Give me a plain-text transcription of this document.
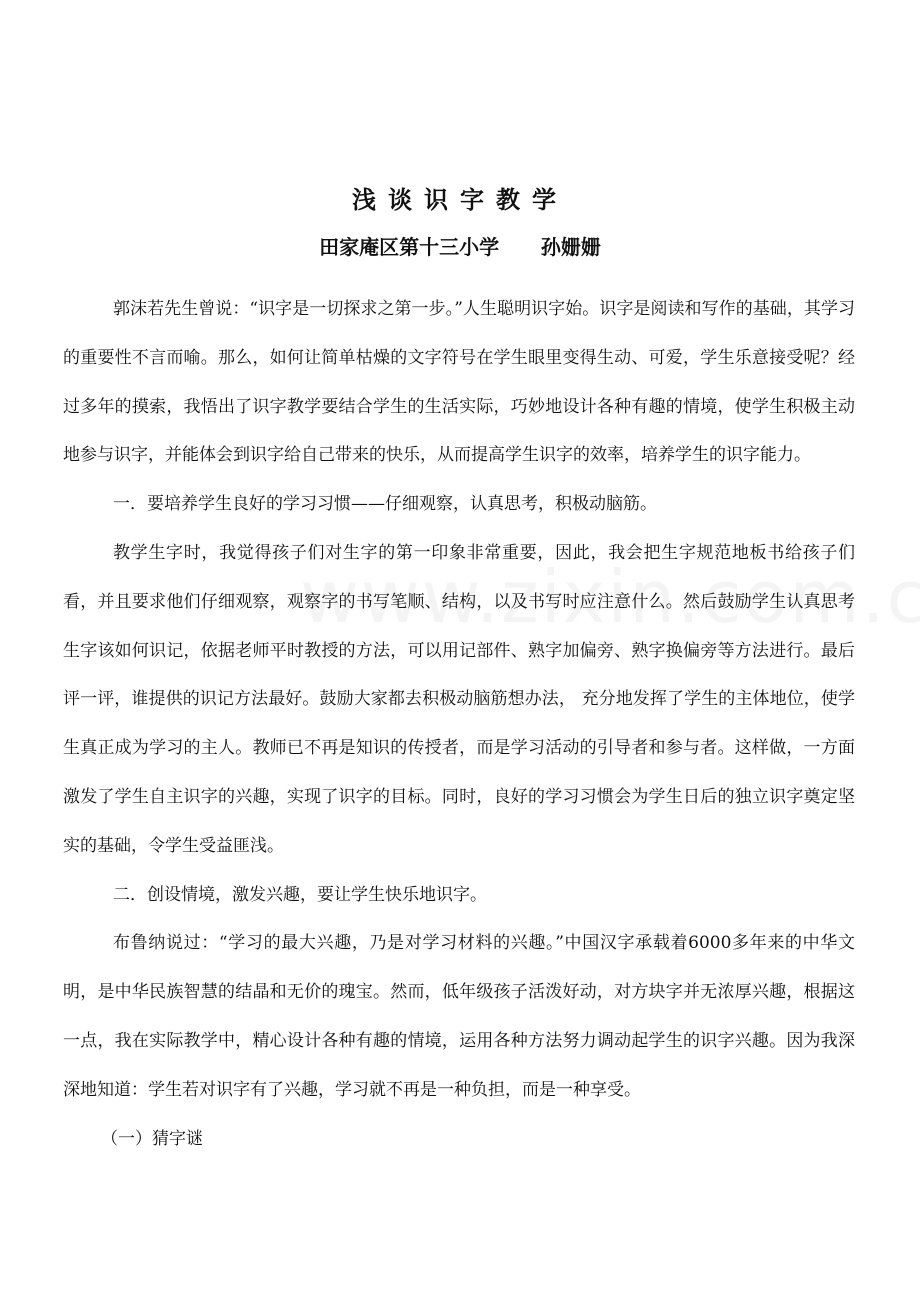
浅谈识字教学
田家庵区第十三小学      孙姗姗

郭沫若先生曾说：“识字是一切探求之第一步。”人生聪明识字始。识字是阅读和写作的基础，其学习的重要性不言而喻。那么，如何让简单枯燥的文字符号在学生眼里变得生动、可爱，学生乐意接受呢？经过多年的摸索，我悟出了识字教学要结合学生的生活实际，巧妙地设计各种有趣的情境，使学生积极主动地参与识字，并能体会到识字给自己带来的快乐，从而提高学生识字的效率，培养学生的识字能力。

一．要培养学生良好的学习习惯——仔细观察，认真思考，积极动脑筋。

教学生字时，我觉得孩子们对生字的第一印象非常重要，因此，我会把生字规范地板书给孩子们看，并且要求他们仔细观察，观察字的书写笔顺、结构，以及书写时应注意什么。然后鼓励学生认真思考生字该如何识记，依据老师平时教授的方法，可以用记部件、熟字加偏旁、熟字换偏旁等方法进行。最后评一评，谁提供的识记方法最好。鼓励大家都去积极动脑筋想办法， 充分地发挥了学生的主体地位，使学生真正成为学习的主人。教师已不再是知识的传授者，而是学习活动的引导者和参与者。这样做，一方面激发了学生自主识字的兴趣，实现了识字的目标。同时，良好的学习习惯会为学生日后的独立识字奠定坚实的基础，令学生受益匪浅。

二．创设情境，激发兴趣，要让学生快乐地识字。

布鲁纳说过：“学习的最大兴趣，乃是对学习材料的兴趣。”中国汉字承载着6000多年来的中华文明，是中华民族智慧的结晶和无价的瑰宝。然而，低年级孩子活泼好动，对方块字并无浓厚兴趣，根据这一点，我在实际教学中，精心设计各种有趣的情境，运用各种方法努力调动起学生的识字兴趣。因为我深深地知道：学生若对识字有了兴趣，学习就不再是一种负担，而是一种享受。

（一）猜字谜
